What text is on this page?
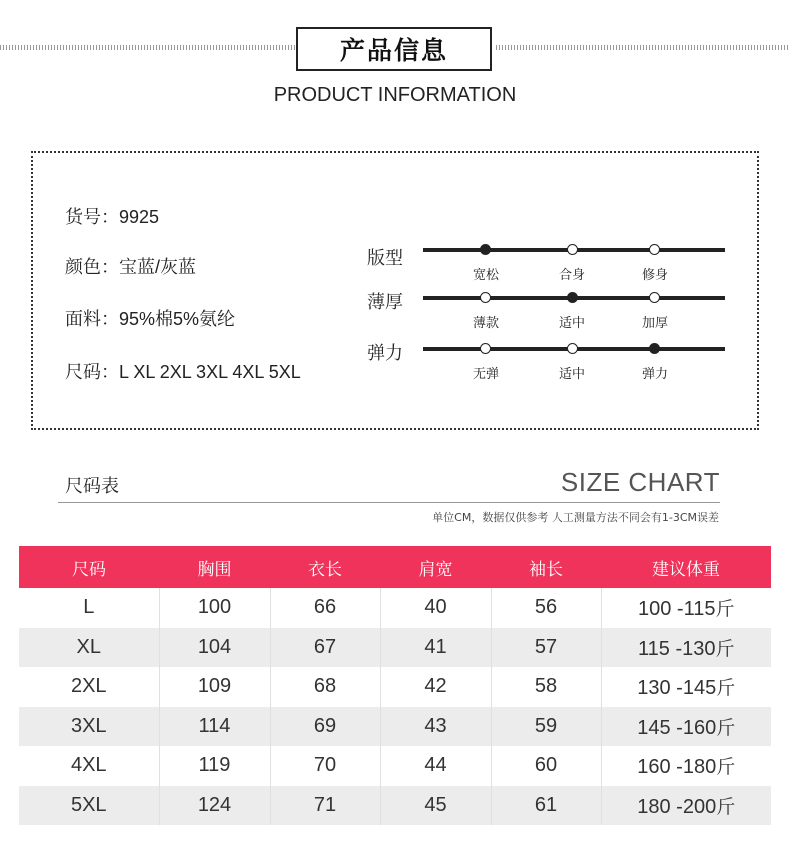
产品信息
PRODUCT INFORMATION
货号：9925
颜色：宝蓝/灰蓝
面料：95%棉5%氨纶
尺码：L XL 2XL 3XL 4XL 5XL
版型
宽松	合身	修身
薄厚
薄款	适中	加厚
弹力
无弹	适中	弹力
尺码表	SIZE CHART
单位CM，数据仅供参考 人工测量方法不同会有1-3CM误差
尺码	胸围	衣长	肩宽	袖长	建议体重
L	100	66	40	56	100 -115斤
XL	104	67	41	57	115 -130斤
2XL	109	68	42	58	130 -145斤
3XL	114	69	43	59	145 -160斤
4XL	119	70	44	60	160 -180斤
5XL	124	71	45	61	180 -200斤
